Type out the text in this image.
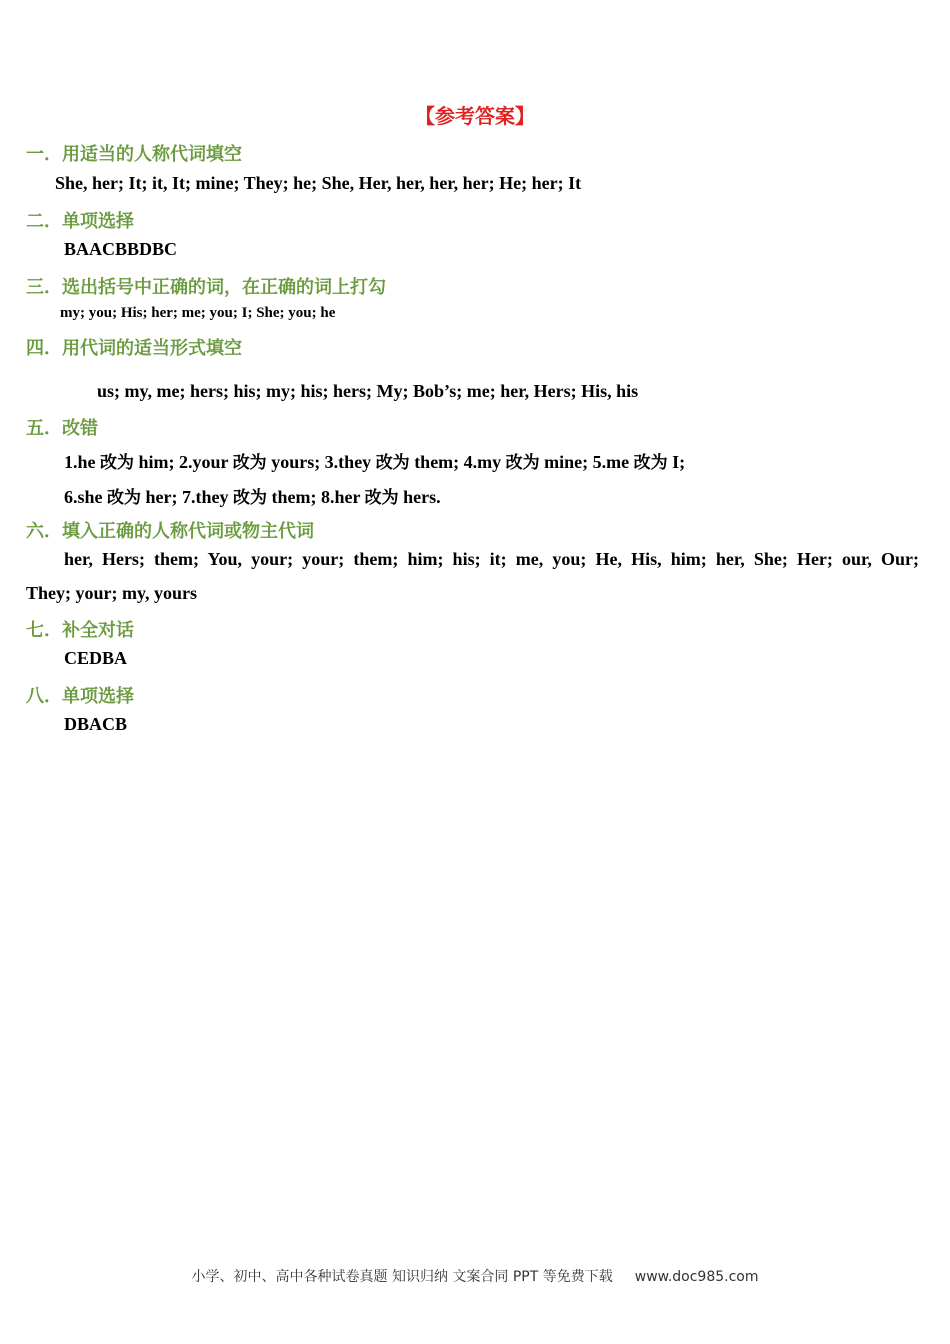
【参考答案】
一．用适当的人称代词填空
She, her; It; it, It; mine; They; he; She, Her, her, her, her; He; her; It
二．单项选择
BAACBBDBC
三．选出括号中正确的词，在正确的词上打勾
my; you; His; her; me; you; I; She; you; he
四．用代词的适当形式填空
us; my, me; hers; his; my; his; hers; My; Bob’s; me; her, Hers; His, his
五．改错
1.he 改为 him; 2.your 改为 yours; 3.they 改为 them; 4.my 改为 mine; 5.me 改为 I;
6.she 改为 her; 7.they 改为 them; 8.her 改为 hers.
六．填入正确的人称代词或物主代词
her, Hers; them; You, your; your; them; him; his; it; me, you; He, His, him; her, She; Her; our, Our;
They; your; my, yours
七．补全对话
CEDBA
八．单项选择
DBACB
小学、初中、高中各种试卷真题 知识归纳 文案合同 PPT 等免费下载 www.doc985.com
